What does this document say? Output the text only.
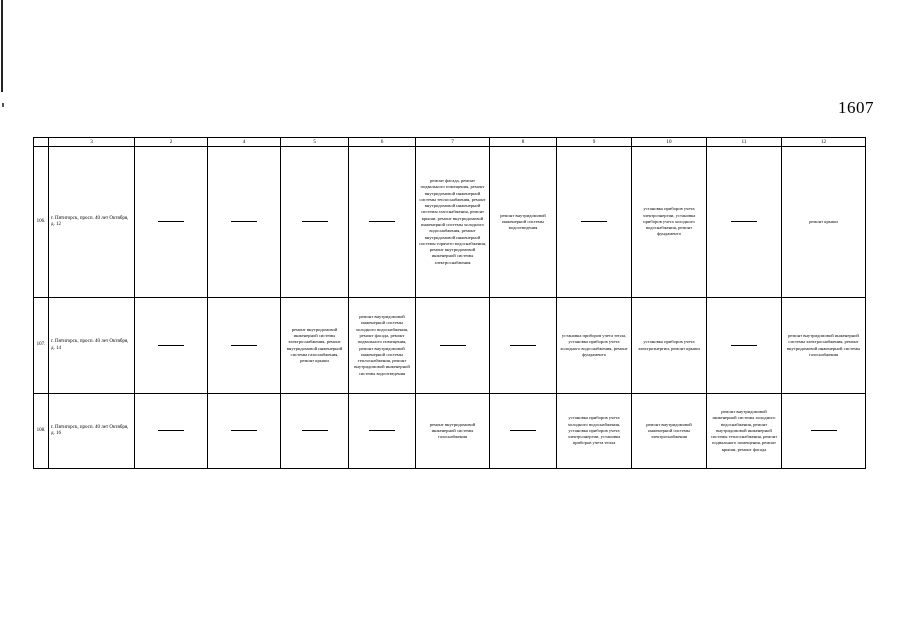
1607
	3	2	4	5	6	7	8	9	10	11	12
106.	г. Пятигорск, просп. 40 лет Октября, д. 12					ремонт фасада, ремонт подвального помещения, ремонт внутридомовой инженерной системы теплоснабжения, ремонт внутридомовой инженерной системы газоснабжения, ремонт крыши, ремонт внутридомовой инженерной системы холодного водоснабжения, ремонт внутридомовой инженерной системы горячего водоснабжения, ремонт внутридомовой инженерной системы электроснабжения	ремонт внутридомовой инженерной системы водоотведения		установка приборов учета электроэнергии, установка приборов учета холодного водоснабжения, ремонт фундамента		ремонт крыши
107.	г. Пятигорск, просп. 40 лет Октября, д. 14			ремонт внутридомовой инженерной системы электроснабжения, ремонт внутридомовой инженерной системы газоснабжения, ремонт крыши	ремонт внутридомовой инженерной системы холодного водоснабжения, ремонт фасада, ремонт подвального помещения, ремонт внутридомовой инженерной системы теплоснабжения, ремонт внутридомовой инженерной системы водоотведения			установка приборов учета тепла, установка приборов учета холодного водоснабжения, ремонт фундамента	установка приборов учета электроэнергии, ремонт крыши		ремонт внутридомовой инженерной системы электроснабжения, ремонт внутридомовой инженерной системы газоснабжения
108.	г. Пятигорск, просп. 40 лет Октября, д. 16					ремонт внутридомовой инженерной системы газоснабжения		установка приборов учета холодного водоснабжения, установка приборов учета электроэнергии, установка приборов учета тепла	ремонт внутридомовой инженерной системы электроснабжения	ремонт внутридомовой инженерной системы холодного водоснабжения, ремонт внутридомовой инженерной системы теплоснабжения, ремонт подвального помещения, ремонт крыши, ремонт фасада	
